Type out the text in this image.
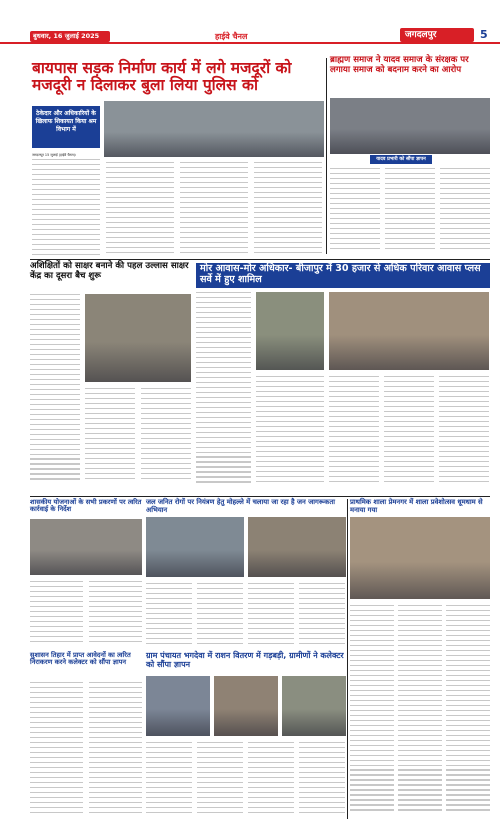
बुधवार, 16 जुलाई 2025	हाईवे चैनल	जगदलपुर	5
बायपास सड़क निर्माण कार्य में लगे मजदूरों को मजदूरी न दिलाकर बुला लिया पुलिस को
ठेकेदार और अधिकारियों के खिलाफ शिकायत किया श्रम विभाग में
जगदलपुर 15 जुलाई (हाईवे चैनल)।
ब्राह्मण समाज ने यादव समाज के संरक्षक पर लगाया समाज को बदनाम करने का आरोप
यादव प्रभारी को सौंपा ज्ञापन
अशिक्षितों को साक्षर बनाने की पहल उल्लास साक्षर केंद्र का दूसरा बैच शुरू
मोर आवास-मोर अधिकार- बीजापुर में 30 हजार से अधिक परिवार आवास प्लस सर्वे में हुए शामिल
शासकीय योजनाओं के सभी प्रकरणों पर त्वरित कार्रवाई के निर्देश
जल जनित रोगों पर नियंत्रण हेतु मोहल्ले में चलाया जा रहा है जन जागरूकता अभियान
प्राथमिक शाला प्रेमनगर में शाला प्रवेशोत्सव धूमधाम से मनाया गया
सुशासन तिहार में प्राप्त आवेदनों का त्वरित निराकरण करने कलेक्टर को सौंपा ज्ञापन
ग्राम पंचायत भगदेवा में राशन वितरण में गड़बड़ी, ग्रामीणों ने कलेक्टर को सौंपा ज्ञापन
